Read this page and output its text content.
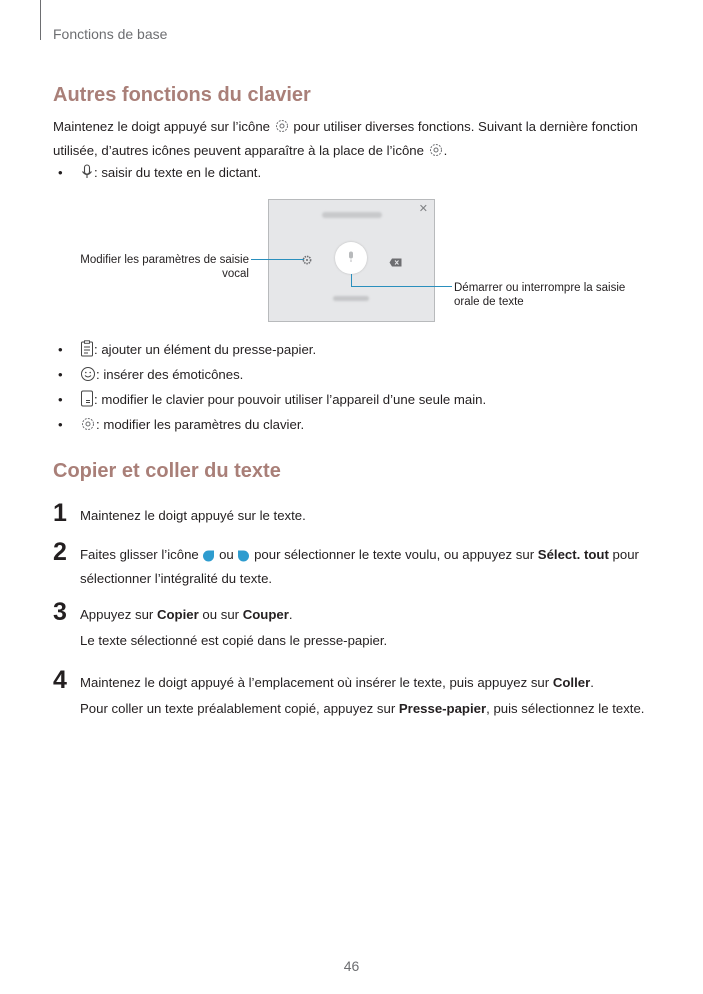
Fonctions de base
Autres fonctions du clavier
Maintenez le doigt appuyé sur l’icône  pour utiliser diverses fonctions. Suivant la dernière fonction utilisée, d’autres icônes peuvent apparaître à la place de l’icône .
• : saisir du texte en le dictant.
✕
Modifier les paramètres de saisie vocal
Démarrer ou interrompre la saisie orale de texte
• : ajouter un élément du presse-papier.
•	: insérer des émoticônes.
• : modifier le clavier pour pouvoir utiliser l’appareil d’une seule main.
•	: modifier les paramètres du clavier.
Copier et coller du texte
1 Maintenez le doigt appuyé sur le texte.
2 Faites glisser l’icône  ou  pour sélectionner le texte voulu, ou appuyez sur Sélect. tout pour sélectionner l’intégralité du texte.
3 Appuyez sur Copier ou sur Couper.
Le texte sélectionné est copié dans le presse-papier.
4 Maintenez le doigt appuyé à l’emplacement où insérer le texte, puis appuyez sur Coller.
Pour coller un texte préalablement copié, appuyez sur Presse-papier, puis sélectionnez le texte.
46
